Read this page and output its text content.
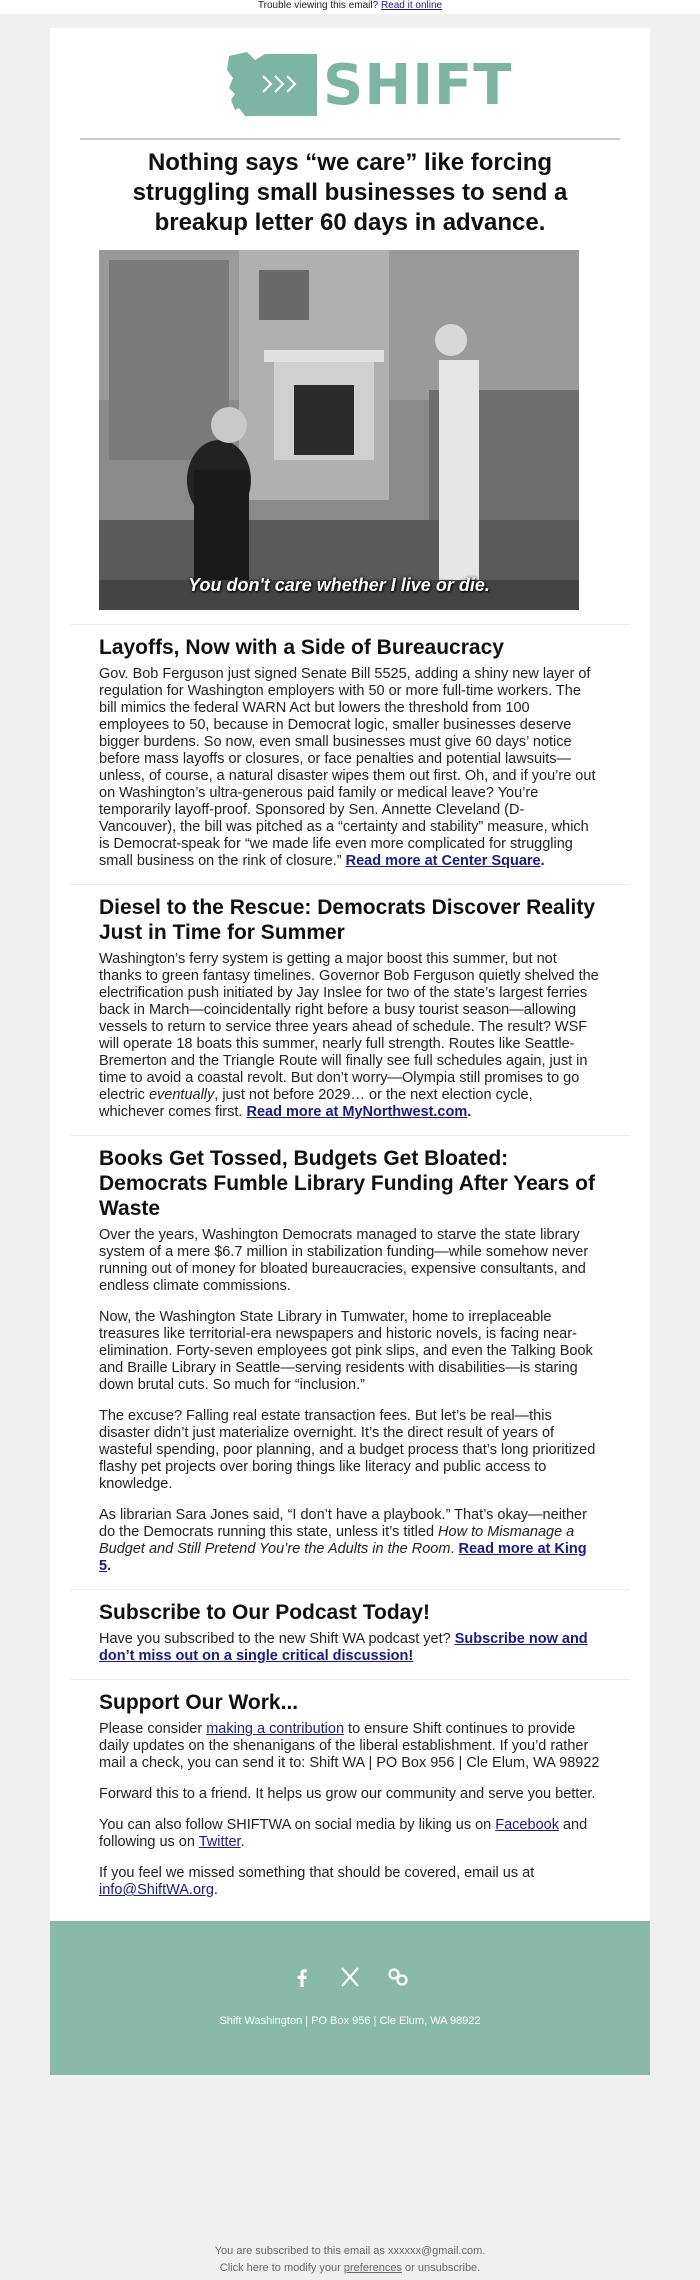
Trouble viewing this email? Read it online
SHIFT
Nothing says “we care” like forcing struggling small businesses to send a breakup letter 60 days in advance.
You don't care whether I live or die.
Layoffs, Now with a Side of Bureaucracy

Gov. Bob Ferguson just signed Senate Bill 5525, adding a shiny new layer of regulation for Washington employers with 50 or more full-time workers. The bill mimics the federal WARN Act but lowers the threshold from 100 employees to 50, because in Democrat logic, smaller businesses deserve bigger burdens. So now, even small businesses must give 60 days’ notice before mass layoffs or closures, or face penalties and potential lawsuits—unless, of course, a natural disaster wipes them out first. Oh, and if you’re out on Washington’s ultra-generous paid family or medical leave? You’re temporarily layoff-proof. Sponsored by Sen. Annette Cleveland (D-Vancouver), the bill was pitched as a “certainty and stability” measure, which is Democrat-speak for “we made life even more complicated for struggling small business on the rink of closure.” Read more at Center Square.

Diesel to the Rescue: Democrats Discover Reality Just in Time for Summer

Washington’s ferry system is getting a major boost this summer, but not thanks to green fantasy timelines. Governor Bob Ferguson quietly shelved the electrification push initiated by Jay Inslee for two of the state’s largest ferries back in March—coincidentally right before a busy tourist season—allowing vessels to return to service three years ahead of schedule. The result? WSF will operate 18 boats this summer, nearly full strength. Routes like Seattle-Bremerton and the Triangle Route will finally see full schedules again, just in time to avoid a coastal revolt. But don’t worry—Olympia still promises to go electric eventually, just not before 2029… or the next election cycle, whichever comes first. Read more at MyNorthwest.com.

Books Get Tossed, Budgets Get Bloated: Democrats Fumble Library Funding After Years of Waste

Over the years, Washington Democrats managed to starve the state library system of a mere $6.7 million in stabilization funding—while somehow never running out of money for bloated bureaucracies, expensive consultants, and endless climate commissions.

Now, the Washington State Library in Tumwater, home to irreplaceable treasures like territorial-era newspapers and historic novels, is facing near-elimination. Forty-seven employees got pink slips, and even the Talking Book and Braille Library in Seattle—serving residents with disabilities—is staring down brutal cuts. So much for “inclusion.”

The excuse? Falling real estate transaction fees. But let’s be real—this disaster didn’t just materialize overnight. It’s the direct result of years of wasteful spending, poor planning, and a budget process that’s long prioritized flashy pet projects over boring things like literacy and public access to knowledge.

As librarian Sara Jones said, “I don’t have a playbook.” That’s okay—neither do the Democrats running this state, unless it’s titled How to Mismanage a Budget and Still Pretend You’re the Adults in the Room. Read more at King 5.

Subscribe to Our Podcast Today!

Have you subscribed to the new Shift WA podcast yet? Subscribe now and don’t miss out on a single critical discussion!

Support Our Work...

Please consider making a contribution to ensure Shift continues to provide daily updates on the shenanigans of the liberal establishment. If you’d rather mail a check, you can send it to: Shift WA | PO Box 956 | Cle Elum, WA 98922

Forward this to a friend. It helps us grow our community and serve you better.

You can also follow SHIFTWA on social media by liking us on Facebook and following us on Twitter.

If you feel we missed something that should be covered, email us at info@ShiftWA.org.

Shift Washington | PO Box 956 | Cle Elum, WA 98922
You are subscribed to this email as xxxxxx@gmail.com.
Click here to modify your preferences or unsubscribe.
